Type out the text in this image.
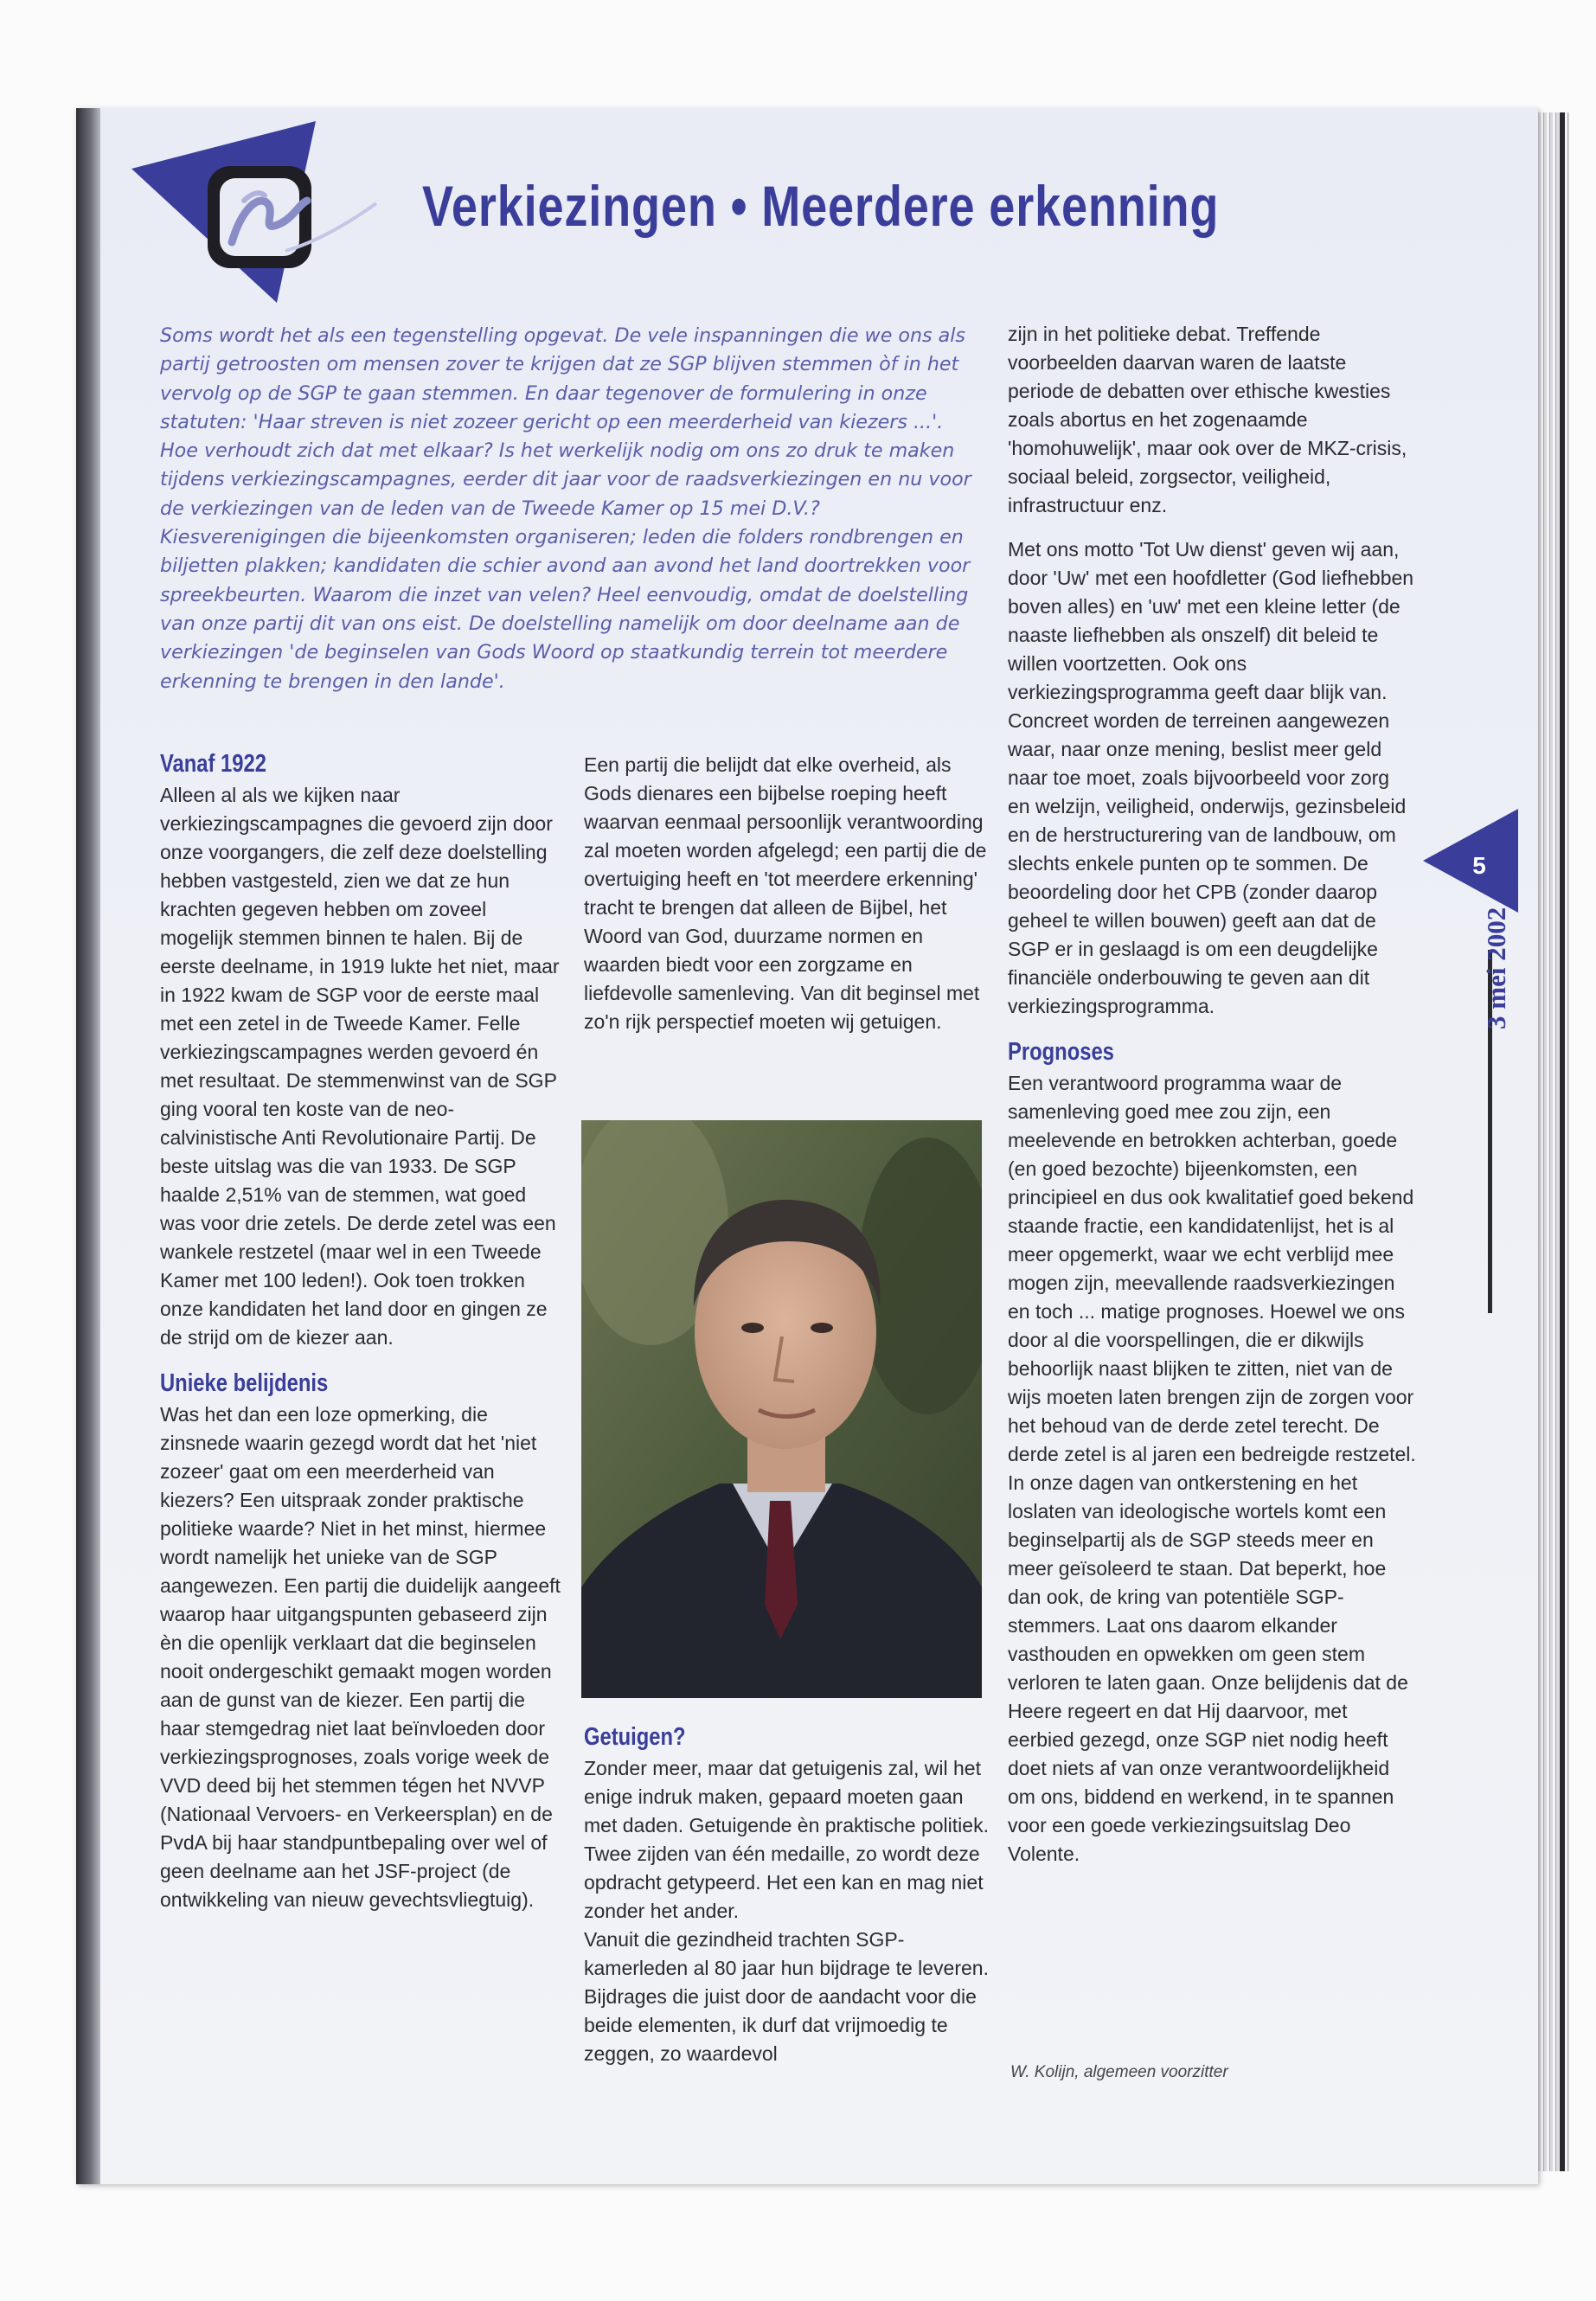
Verkiezingen • Meerdere erkenning

Soms wordt het als een tegenstelling opgevat. De vele inspanningen die we ons als partij getroosten om mensen zover te krijgen dat ze SGP blijven stemmen òf in het vervolg op de SGP te gaan stemmen. En daar tegenover de formulering in onze statuten: 'Haar streven is niet zozeer gericht op een meerderheid van kiezers ...'. Hoe verhoudt zich dat met elkaar? Is het werkelijk nodig om ons zo druk te maken tijdens verkiezingscampagnes, eerder dit jaar voor de raadsverkiezingen en nu voor de verkiezingen van de leden van de Tweede Kamer op 15 mei D.V.? Kiesverenigingen die bijeenkomsten organiseren; leden die folders rondbrengen en biljetten plakken; kandidaten die schier avond aan avond het land doortrekken voor spreekbeurten. Waarom die inzet van velen? Heel eenvoudig, omdat de doelstelling van onze partij dit van ons eist. De doelstelling namelijk om door deelname aan de verkiezingen 'de beginselen van Gods Woord op staatkundig terrein tot meerdere erkenning te brengen in den lande'.

Vanaf 1922

Alleen al als we kijken naar verkiezingscampagnes die gevoerd zijn door onze voorgangers, die zelf deze doelstelling hebben vastgesteld, zien we dat ze hun krachten gegeven hebben om zoveel mogelijk stemmen binnen te halen. Bij de eerste deelname, in 1919 lukte het niet, maar in 1922 kwam de SGP voor de eerste maal met een zetel in de Tweede Kamer. Felle verkiezingscampagnes werden gevoerd én met resultaat. De stemmenwinst van de SGP ging vooral ten koste van de neo-calvinistische Anti Revolutionaire Partij. De beste uitslag was die van 1933. De SGP haalde 2,51% van de stemmen, wat goed was voor drie zetels. De derde zetel was een wankele restzetel (maar wel in een Tweede Kamer met 100 leden!). Ook toen trokken onze kandidaten het land door en gingen ze de strijd om de kiezer aan.

Unieke belijdenis

Was het dan een loze opmerking, die zinsnede waarin gezegd wordt dat het 'niet zozeer' gaat om een meerderheid van kiezers? Een uitspraak zonder praktische politieke waarde? Niet in het minst, hiermee wordt namelijk het unieke van de SGP aangewezen. Een partij die duidelijk aangeeft waarop haar uitgangspunten gebaseerd zijn èn die openlijk verklaart dat die beginselen nooit ondergeschikt gemaakt mogen worden aan de gunst van de kiezer. Een partij die haar stemgedrag niet laat beïnvloeden door verkiezingsprognoses, zoals vorige week de VVD deed bij het stemmen tégen het NVVP (Nationaal Vervoers- en Verkeersplan) en de PvdA bij haar standpuntbepaling over wel of geen deelname aan het JSF-project (de ontwikkeling van nieuw gevechtsvliegtuig).

Een partij die belijdt dat elke overheid, als Gods dienares een bijbelse roeping heeft waarvan eenmaal persoonlijk verantwoording zal moeten worden afgelegd; een partij die de overtuiging heeft en 'tot meerdere erkenning' tracht te brengen dat alleen de Bijbel, het Woord van God, duurzame normen en waarden biedt voor een zorgzame en liefdevolle samenleving. Van dit beginsel met zo'n rijk perspectief moeten wij getuigen.

Getuigen?

Zonder meer, maar dat getuigenis zal, wil het enige indruk maken, gepaard moeten gaan met daden. Getuigende èn praktische politiek. Twee zijden van één medaille, zo wordt deze opdracht getypeerd. Het een kan en mag niet zonder het ander.

Vanuit die gezindheid trachten SGP-kamerleden al 80 jaar hun bijdrage te leveren. Bijdrages die juist door de aandacht voor die beide elementen, ik durf dat vrijmoedig te zeggen, zo waardevol

zijn in het politieke debat. Treffende voorbeelden daarvan waren de laatste periode de debatten over ethische kwesties zoals abortus en het zogenaamde 'homohuwelijk', maar ook over de MKZ-crisis, sociaal beleid, zorgsector, veiligheid, infrastructuur enz.

Met ons motto 'Tot Uw dienst' geven wij aan, door 'Uw' met een hoofdletter (God liefhebben boven alles) en 'uw' met een kleine letter (de naaste liefhebben als onszelf) dit beleid te willen voortzetten. Ook ons verkiezingsprogramma geeft daar blijk van. Concreet worden de terreinen aangewezen waar, naar onze mening, beslist meer geld naar toe moet, zoals bijvoorbeeld voor zorg en welzijn, veiligheid, onderwijs, gezinsbeleid en de herstructurering van de landbouw, om slechts enkele punten op te sommen. De beoordeling door het CPB (zonder daarop geheel te willen bouwen) geeft aan dat de SGP er in geslaagd is om een deugdelijke financiële onderbouwing te geven aan dit verkiezingsprogramma.

Prognoses

Een verantwoord programma waar de samenleving goed mee zou zijn, een meelevende en betrokken achterban, goede (en goed bezochte) bijeenkomsten, een principieel en dus ook kwalitatief goed bekend staande fractie, een kandidatenlijst, het is al meer opgemerkt, waar we echt verblijd mee mogen zijn, meevallende raadsverkiezingen en toch ... matige prognoses. Hoewel we ons door al die voorspellingen, die er dikwijls behoorlijk naast blijken te zitten, niet van de wijs moeten laten brengen zijn de zorgen voor het behoud van de derde zetel terecht. De derde zetel is al jaren een bedreigde restzetel. In onze dagen van ontkerstening en het loslaten van ideologische wortels komt een beginselpartij als de SGP steeds meer en meer geïsoleerd te staan. Dat beperkt, hoe dan ook, de kring van potentiële SGP-stemmers. Laat ons daarom elkander vasthouden en opwekken om geen stem verloren te laten gaan. Onze belijdenis dat de Heere regeert en dat Hij daarvoor, met eerbied gezegd, onze SGP niet nodig heeft doet niets af van onze verantwoordelijkheid om ons, biddend en werkend, in te spannen voor een goede verkiezingsuitslag Deo Volente.

W. Kolijn, algemeen voorzitter
5
3 mei 2002
